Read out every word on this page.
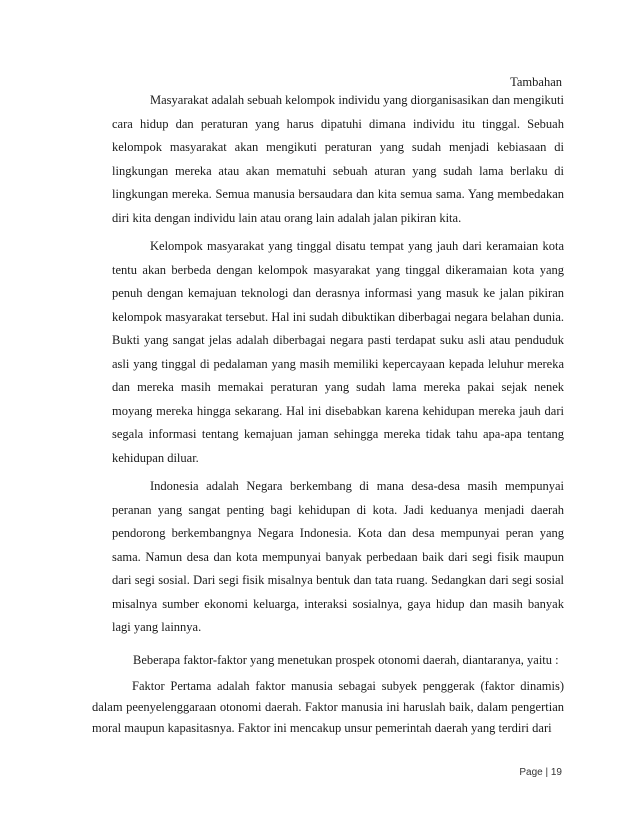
Tambahan

Masyarakat adalah sebuah kelompok individu yang diorganisasikan dan mengikuti cara hidup dan peraturan yang harus dipatuhi dimana individu itu tinggal. Sebuah kelompok masyarakat akan mengikuti peraturan yang sudah menjadi kebiasaan di lingkungan mereka atau akan mematuhi sebuah aturan yang sudah lama berlaku di lingkungan mereka. Semua manusia bersaudara dan kita semua sama. Yang membedakan diri kita dengan individu lain atau orang lain adalah jalan pikiran kita.

Kelompok masyarakat yang tinggal disatu tempat yang jauh dari keramaian kota tentu akan berbeda dengan kelompok masyarakat yang tinggal dikeramaian kota yang penuh dengan kemajuan teknologi dan derasnya informasi yang masuk ke jalan pikiran kelompok masyarakat tersebut. Hal ini sudah dibuktikan diberbagai negara belahan dunia. Bukti yang sangat jelas adalah diberbagai negara pasti terdapat suku asli atau penduduk asli yang tinggal di pedalaman yang masih memiliki kepercayaan kepada leluhur mereka dan mereka masih memakai peraturan yang sudah lama mereka pakai sejak nenek moyang mereka hingga sekarang. Hal ini disebabkan karena kehidupan mereka jauh dari segala informasi tentang kemajuan jaman sehingga mereka tidak tahu apa-apa tentang kehidupan diluar.

Indonesia adalah Negara berkembang di mana desa-desa masih mempunyai peranan yang sangat penting bagi kehidupan di kota. Jadi keduanya menjadi daerah pendorong berkembangnya Negara Indonesia. Kota dan desa mempunyai peran yang sama. Namun desa dan kota mempunyai banyak perbedaan baik dari segi fisik maupun dari segi sosial. Dari segi fisik misalnya bentuk dan tata ruang. Sedangkan dari segi sosial misalnya sumber ekonomi keluarga, interaksi sosialnya, gaya hidup dan masih banyak lagi yang lainnya.

Beberapa faktor-faktor yang menetukan prospek otonomi daerah, diantaranya, yaitu :

Faktor Pertama adalah faktor manusia sebagai subyek penggerak (faktor dinamis) dalam peenyelenggaraan otonomi daerah. Faktor manusia ini haruslah baik, dalam pengertian moral maupun kapasitasnya. Faktor ini mencakup unsur pemerintah daerah yang terdiri dari

Page | 19
